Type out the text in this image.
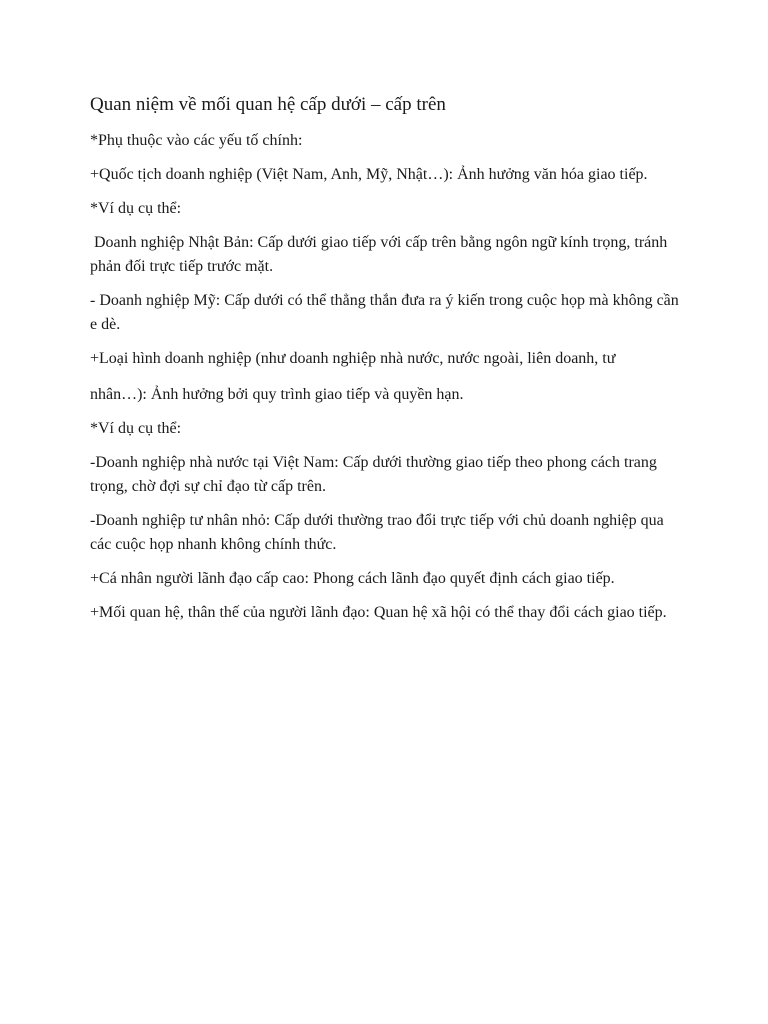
Quan niệm về mối quan hệ cấp dưới – cấp trên

*Phụ thuộc vào các yếu tố chính:

+Quốc tịch doanh nghiệp (Việt Nam, Anh, Mỹ, Nhật…): Ảnh hưởng văn hóa giao tiếp.

*Ví dụ cụ thể:

Doanh nghiệp Nhật Bản: Cấp dưới giao tiếp với cấp trên bằng ngôn ngữ kính trọng, tránh phản đối trực tiếp trước mặt.

- Doanh nghiệp Mỹ: Cấp dưới có thể thẳng thắn đưa ra ý kiến trong cuộc họp mà không cần e dè.

+Loại hình doanh nghiệp (như doanh nghiệp nhà nước, nước ngoài, liên doanh, tư

nhân…): Ảnh hưởng bởi quy trình giao tiếp và quyền hạn.

*Ví dụ cụ thể:

-Doanh nghiệp nhà nước tại Việt Nam: Cấp dưới thường giao tiếp theo phong cách trang trọng, chờ đợi sự chỉ đạo từ cấp trên.

-Doanh nghiệp tư nhân nhỏ: Cấp dưới thường trao đổi trực tiếp với chủ doanh nghiệp qua các cuộc họp nhanh không chính thức.

+Cá nhân người lãnh đạo cấp cao: Phong cách lãnh đạo quyết định cách giao tiếp.

+Mối quan hệ, thân thế của người lãnh đạo: Quan hệ xã hội có thể thay đổi cách giao tiếp.
